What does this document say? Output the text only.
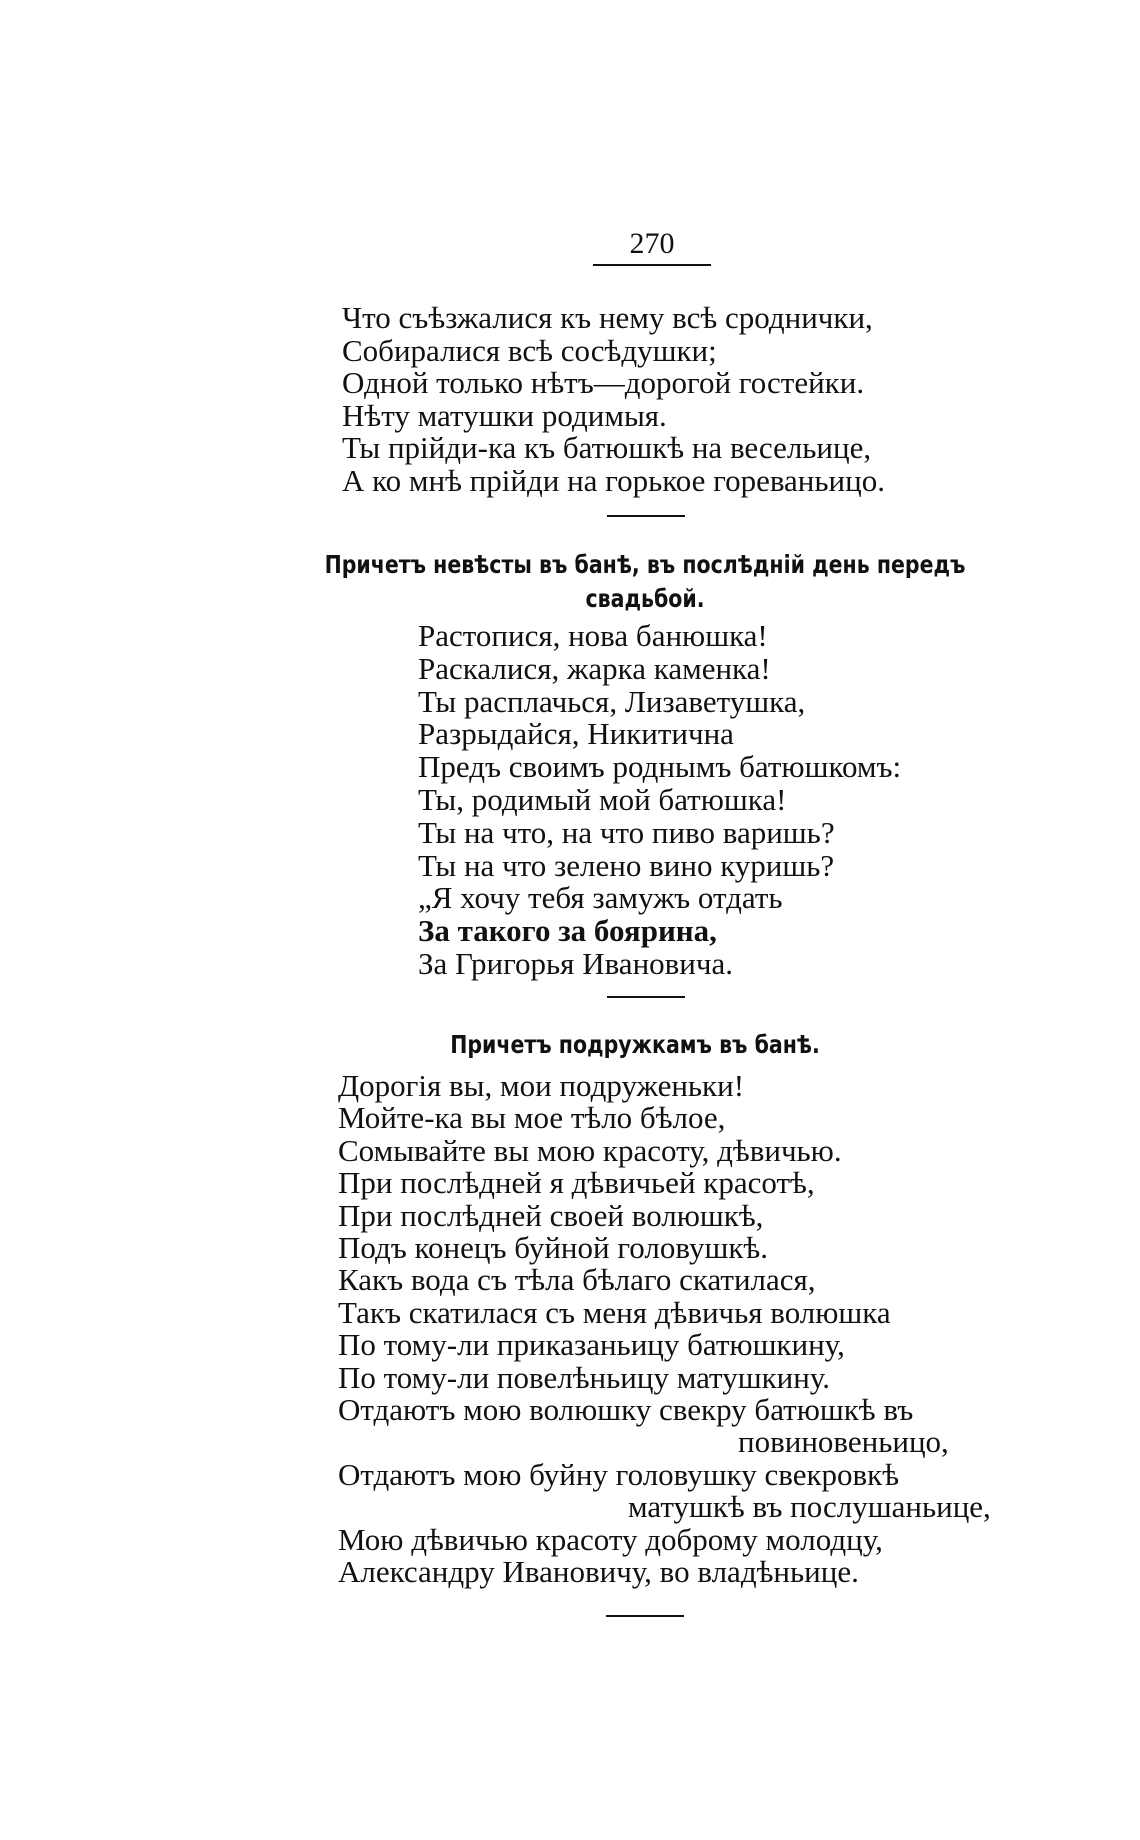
270
Что съѣзжалися къ нему всѣ сроднички,
Собиралися всѣ сосѣдушки;
Одной только нѣтъ—дорогой гостейки.
Нѣту матушки родимыя.
Ты прійди-ка къ батюшкѣ на весельице,
А ко мнѣ прійди на горькое гореваньицо.
Причетъ невѣсты въ банѣ, въ послѣдній день передъ
свадьбой.
Растопися, нова банюшка!
Раскалися, жарка каменка!
Ты расплачься, Лизаветушка,
Разрыдайся, Никитична
Предъ своимъ роднымъ батюшкомъ:
Ты, родимый мой батюшка!
Ты на что, на что пиво варишь?
Ты на что зелено вино куришь?
„Я хочу тебя замужъ отдать
За такого за боярина,
За Григорья Ивановича.
Причетъ подружкамъ въ банѣ.
Дорогія вы, мои подруженьки!
Мойте-ка вы мое тѣло бѣлое,
Сомывайте вы мою красоту, дѣвичью.
При послѣдней я дѣвичьей красотѣ,
При послѣдней своей волюшкѣ,
Подъ конецъ буйной головушкѣ.
Какъ вода съ тѣла бѣлаго скатилася,
Такъ скатилася съ меня дѣвичья волюшка
По тому-ли приказаньицу батюшкину,
По тому-ли повелѣньицу матушкину.
Отдаютъ мою волюшку свекру батюшкѣ въ
повиновеньицо,
Отдаютъ мою буйну головушку свекровкѣ
матушкѣ въ послушаньице,
Мою дѣвичью красоту доброму молодцу,
Александру Ивановичу, во владѣньице.
